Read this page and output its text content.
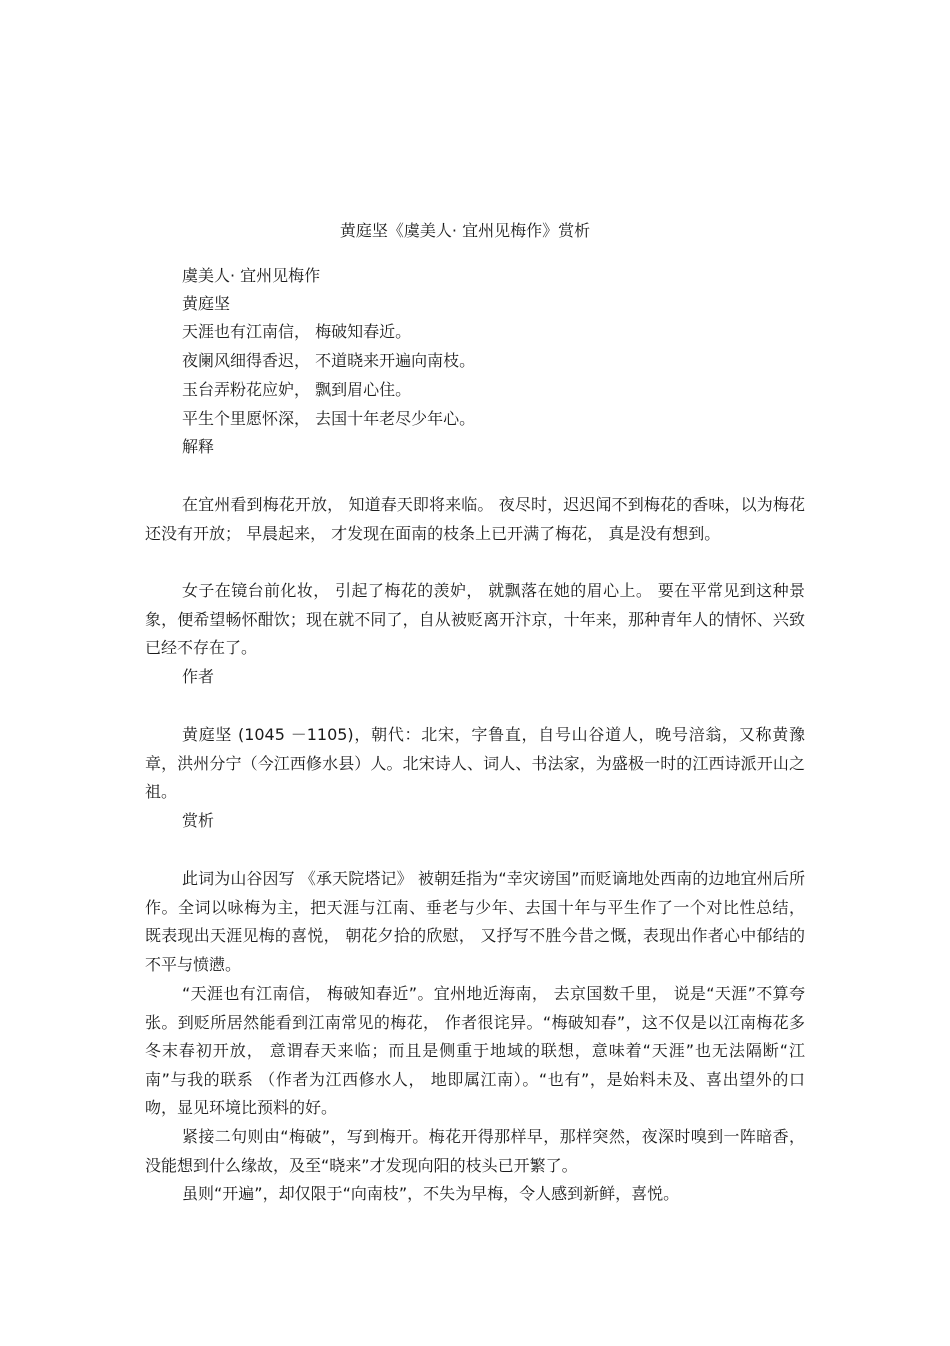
黄庭坚《虞美人· 宜州见梅作》赏析
虞美人· 宜州见梅作
黄庭坚
天涯也有江南信， 梅破知春近。
夜阑风细得香迟， 不道晓来开遍向南枝。
玉台弄粉花应妒， 飘到眉心住。
平生个里愿怀深， 去国十年老尽少年心。
解释
在宜州看到梅花开放， 知道春天即将来临。 夜尽时，迟迟闻不到梅花的香味，以为梅花还没有开放； 早晨起来， 才发现在面南的枝条上已开满了梅花， 真是没有想到。
女子在镜台前化妆， 引起了梅花的羡妒， 就飘落在她的眉心上。 要在平常见到这种景象，便希望畅怀酣饮；现在就不同了，自从被贬离开汴京，十年来，那种青年人的情怀、兴致已经不存在了。
作者
黄庭坚 (1045 －1105)，朝代：北宋，字鲁直，自号山谷道人，晚号涪翁，又称黄豫章，洪州分宁（今江西修水县）人。北宋诗人、词人、书法家，为盛极一时的江西诗派开山之祖。
赏析
此词为山谷因写 《承天院塔记》 被朝廷指为“幸灾谤国”而贬谪地处西南的边地宜州后所作。全词以咏梅为主，把天涯与江南、垂老与少年、去国十年与平生作了一个对比性总结， 既表现出天涯见梅的喜悦， 朝花夕拾的欣慰， 又抒写不胜今昔之慨，表现出作者心中郁结的不平与愤懑。
“天涯也有江南信， 梅破知春近”。宜州地近海南， 去京国数千里， 说是“天涯”不算夸张。到贬所居然能看到江南常见的梅花， 作者很诧异。“梅破知春”，这不仅是以江南梅花多冬末春初开放， 意谓春天来临；而且是侧重于地域的联想，意味着“天涯”也无法隔断“江南”与我的联系 （作者为江西修水人， 地即属江南）。“也有”，是始料未及、喜出望外的口吻，显见环境比预料的好。
紧接二句则由“梅破”，写到梅开。梅花开得那样早，那样突然，夜深时嗅到一阵暗香，没能想到什么缘故，及至“晓来”才发现向阳的枝头已开繁了。
虽则“开遍”，却仅限于“向南枝”，不失为早梅，令人感到新鲜，喜悦。
